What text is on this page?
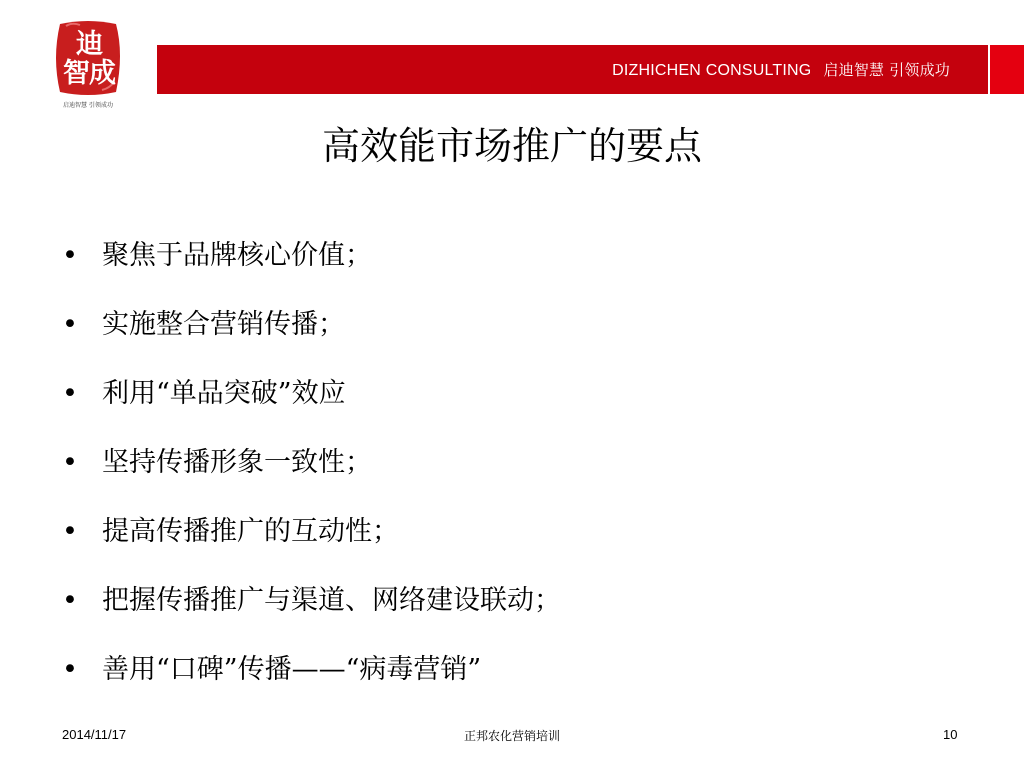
迪
智成
启迪智慧 引领成功
DIZHICHEN CONSULTING 启迪智慧 引领成功
高效能市场推广的要点
• 聚焦于品牌核心价值；
• 实施整合营销传播；
• 利用“单品突破”效应
• 坚持传播形象一致性；
• 提高传播推广的互动性；
• 把握传播推广与渠道、网络建设联动；
• 善用“口碑”传播——“病毒营销”
2014/11/17	正邦农化营销培训	10
